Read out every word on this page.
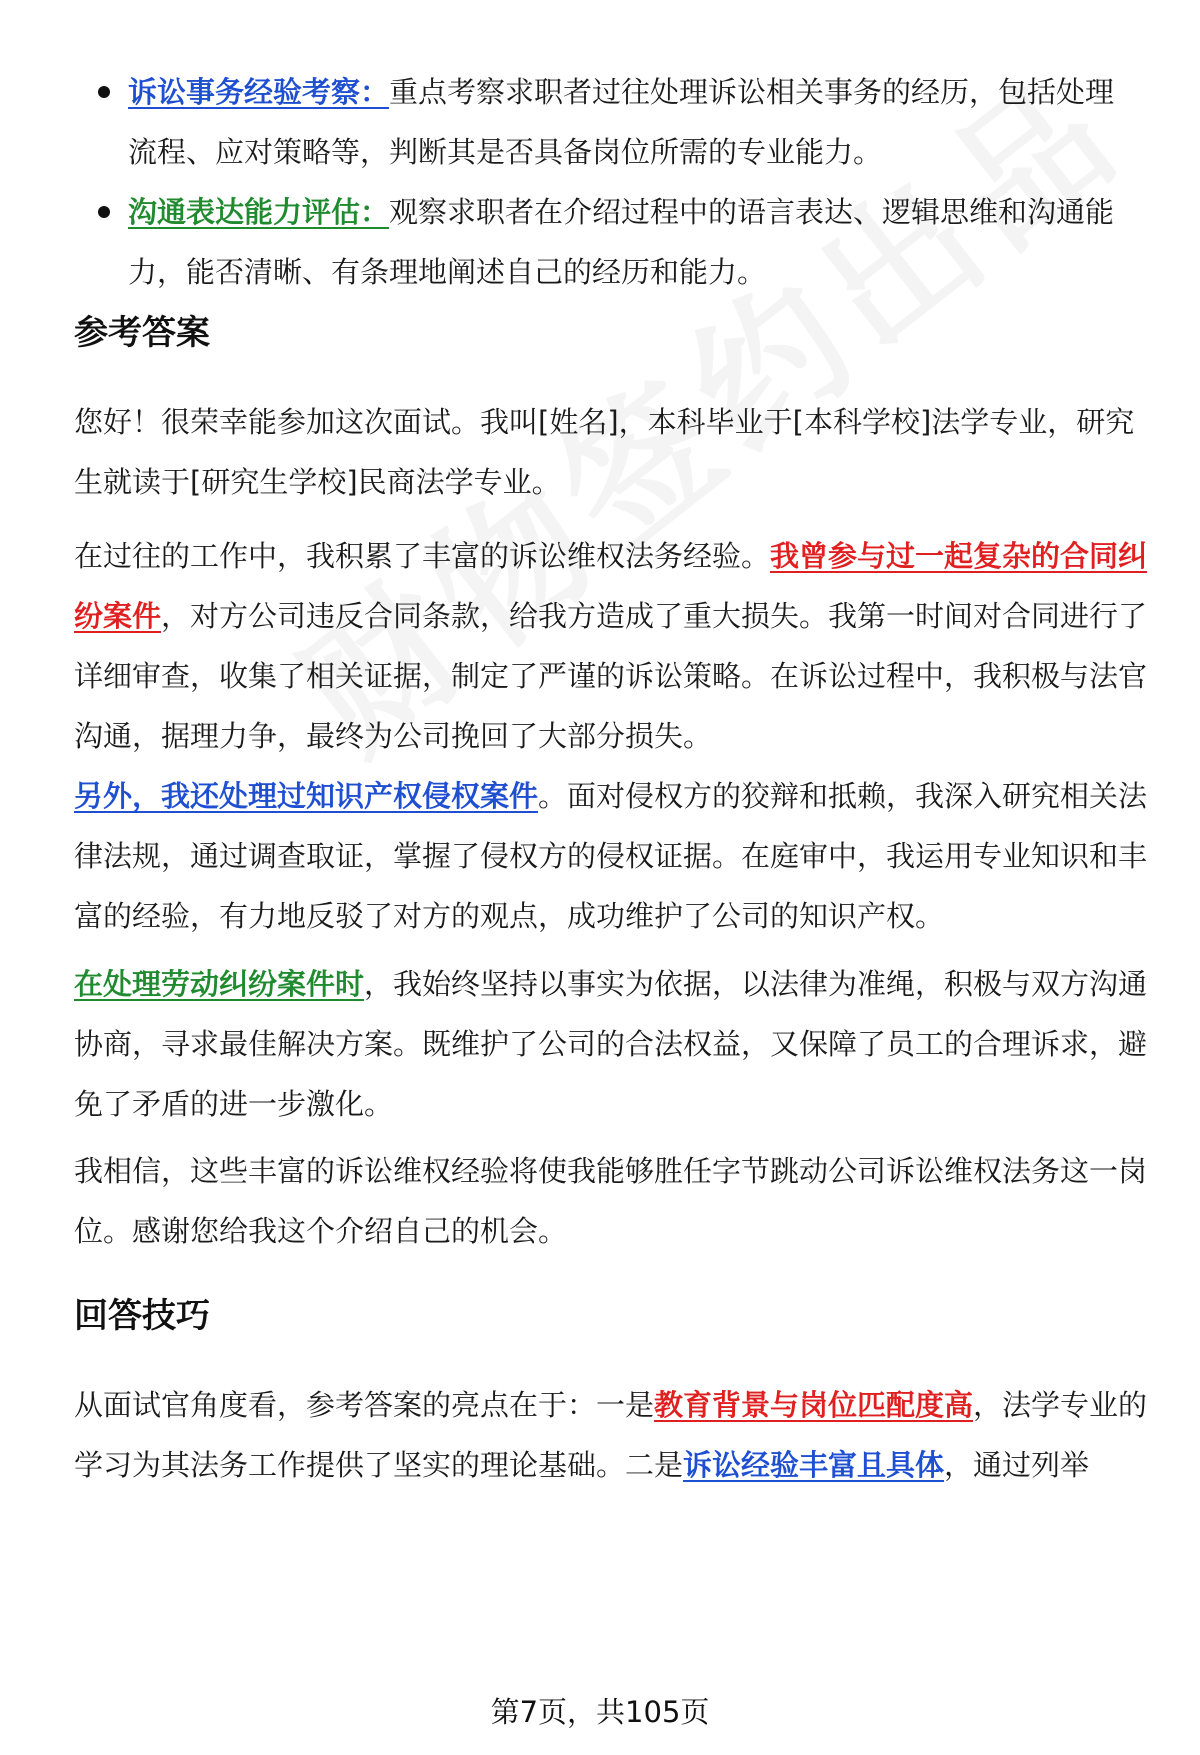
诉讼事务经验考察：重点考察求职者过往处理诉讼相关事务的经历，包括处理流程、应对策略等，判断其是否具备岗位所需的专业能力。
沟通表达能力评估：观察求职者在介绍过程中的语言表达、逻辑思维和沟通能力，能否清晰、有条理地阐述自己的经历和能力。
参考答案

您好！很荣幸能参加这次面试。我叫[姓名]，本科毕业于[本科学校]法学专业，研究生就读于[研究生学校]民商法学专业。

在过往的工作中，我积累了丰富的诉讼维权法务经验。我曾参与过一起复杂的合同纠纷案件，对方公司违反合同条款，给我方造成了重大损失。我第一时间对合同进行了详细审查，收集了相关证据，制定了严谨的诉讼策略。在诉讼过程中，我积极与法官沟通，据理力争，最终为公司挽回了大部分损失。

另外，我还处理过知识产权侵权案件。面对侵权方的狡辩和抵赖，我深入研究相关法律法规，通过调查取证，掌握了侵权方的侵权证据。在庭审中，我运用专业知识和丰富的经验，有力地反驳了对方的观点，成功维护了公司的知识产权。

在处理劳动纠纷案件时，我始终坚持以事实为依据，以法律为准绳，积极与双方沟通协商，寻求最佳解决方案。既维护了公司的合法权益，又保障了员工的合理诉求，避免了矛盾的进一步激化。

我相信，这些丰富的诉讼维权经验将使我能够胜任字节跳动公司诉讼维权法务这一岗位。感谢您给我这个介绍自己的机会。

回答技巧

从面试官角度看，参考答案的亮点在于：一是教育背景与岗位匹配度高，法学专业的学习为其法务工作提供了坚实的理论基础。二是诉讼经验丰富且具体，通过列举

第7页，共105页
